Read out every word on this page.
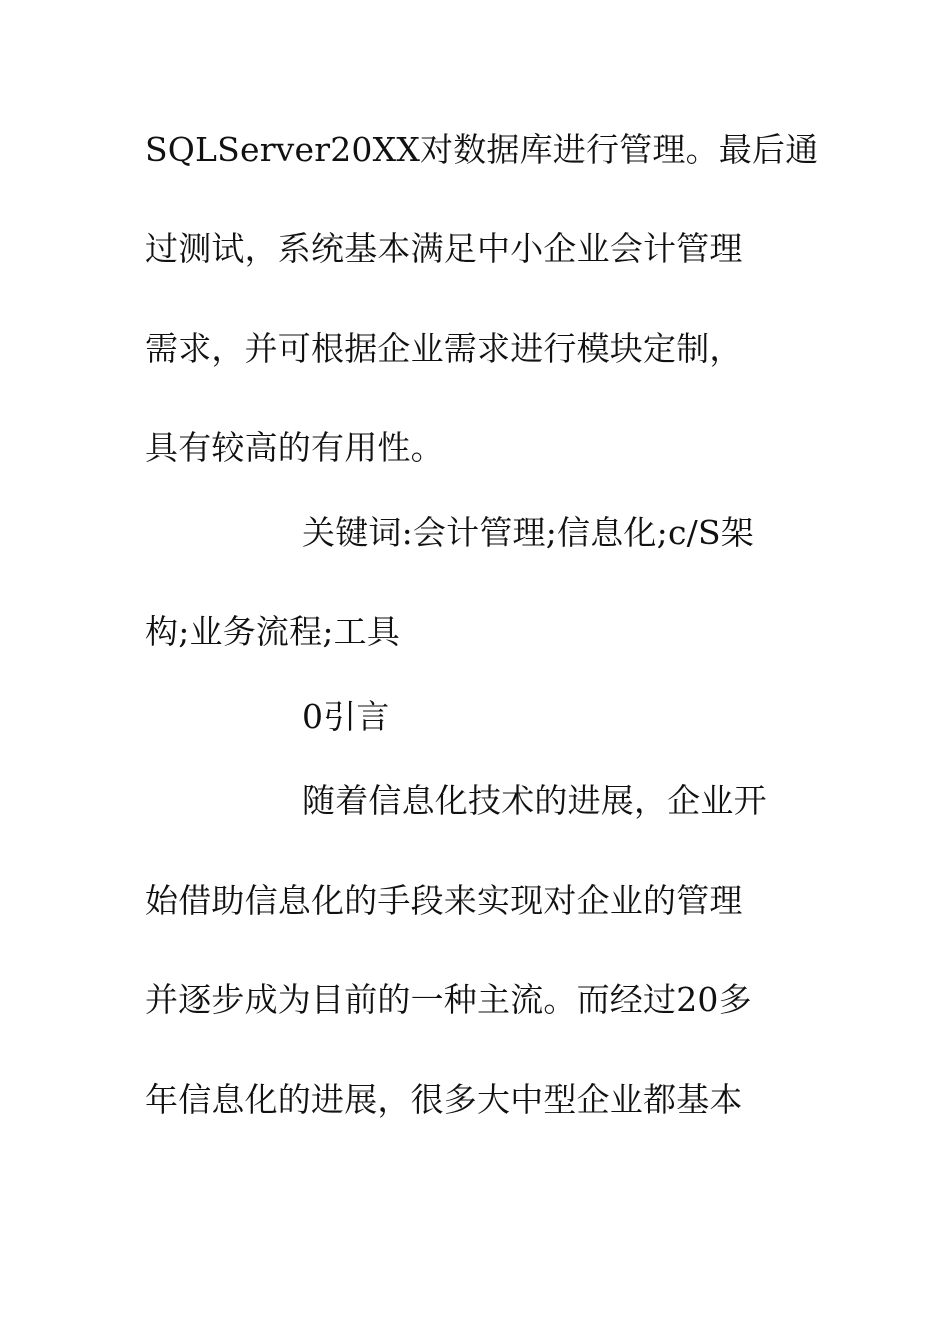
SQLServer20XX对数据库进行管理。最后通
过测试，系统基本满足中小企业会计管理
需求，并可根据企业需求进行模块定制，
具有较高的有用性。
关键词:会计管理;信息化;c/S架
构;业务流程;工具
0引言
随着信息化技术的进展，企业开
始借助信息化的手段来实现对企业的管理
并逐步成为目前的一种主流。而经过20多
年信息化的进展，很多大中型企业都基本
